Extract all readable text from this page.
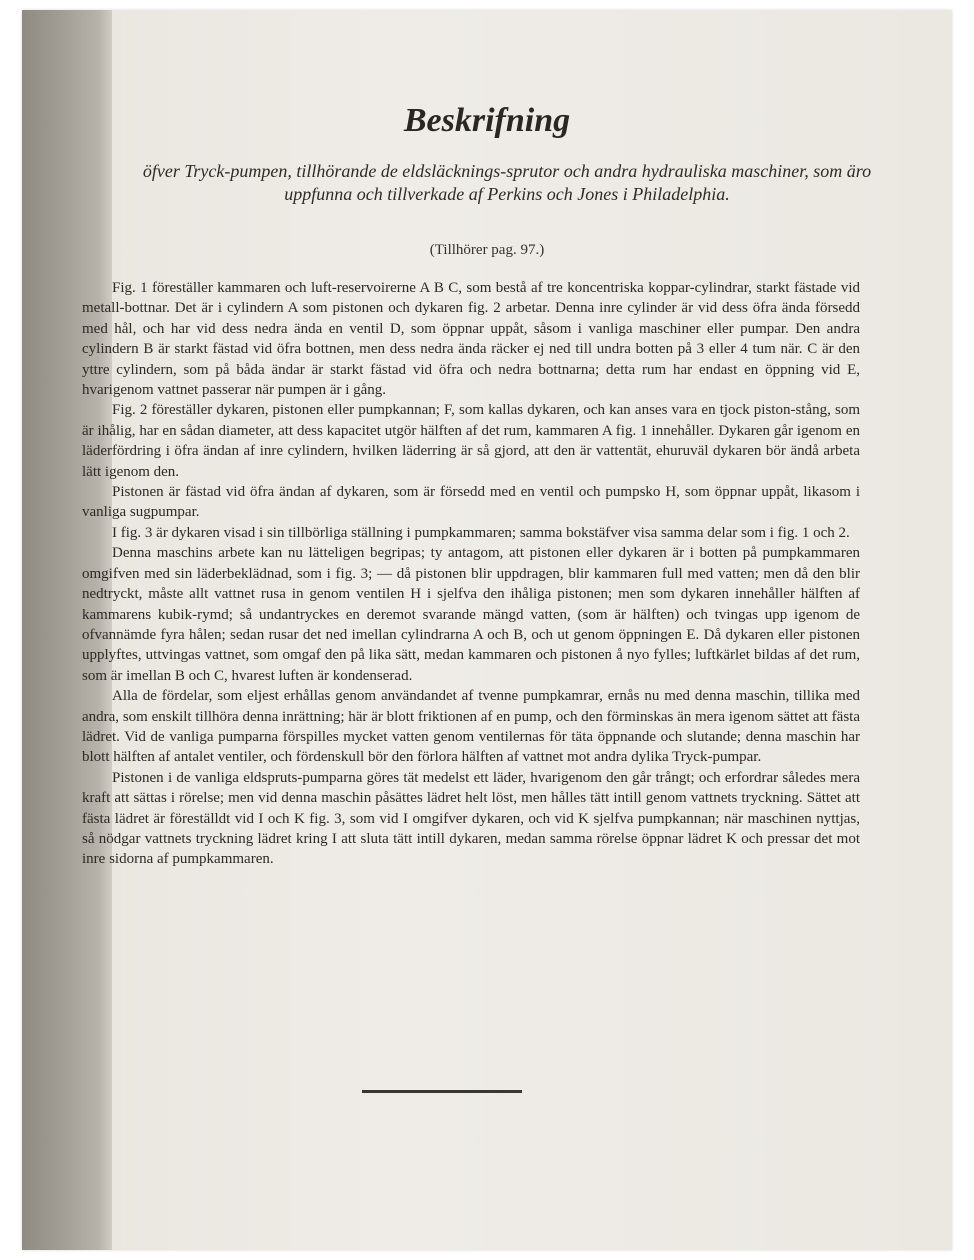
Beskrifning

öfver Tryck-pumpen, tillhörande de eldsläcknings-sprutor och andra hydrauliska maschiner, som äro uppfunna och tillverkade af Perkins och Jones i Philadelphia.

(Tillhörer pag. 97.)

Fig. 1 föreställer kammaren och luft-reservoirerne A B C, som bestå af tre koncentriska koppar-cylindrar, starkt fästade vid metall-bottnar. Det är i cylindern A som pistonen och dykaren fig. 2 arbetar. Denna inre cylinder är vid dess öfra ända försedd med hål, och har vid dess nedra ända en ventil D, som öppnar uppåt, såsom i vanliga maschiner eller pumpar. Den andra cylindern B är starkt fästad vid öfra bottnen, men dess nedra ända räcker ej ned till undra botten på 3 eller 4 tum när. C är den yttre cylindern, som på båda ändar är starkt fästad vid öfra och nedra bottnarna; detta rum har endast en öppning vid E, hvarigenom vattnet passerar när pumpen är i gång.

Fig. 2 föreställer dykaren, pistonen eller pumpkannan; F, som kallas dykaren, och kan anses vara en tjock piston-stång, som är ihålig, har en sådan diameter, att dess kapacitet utgör hälften af det rum, kammaren A fig. 1 innehåller. Dykaren går igenom en läderfördring i öfra ändan af inre cylindern, hvilken läderring är så gjord, att den är vattentät, ehuruväl dykaren bör ändå arbeta lätt igenom den.

Pistonen är fästad vid öfra ändan af dykaren, som är försedd med en ventil och pumpsko H, som öppnar uppåt, likasom i vanliga sugpumpar.

I fig. 3 är dykaren visad i sin tillbörliga ställning i pumpkammaren; samma bokstäfver visa samma delar som i fig. 1 och 2.

Denna maschins arbete kan nu lätteligen begripas; ty antagom, att pistonen eller dykaren är i botten på pumpkammaren omgifven med sin läderbeklädnad, som i fig. 3; — då pistonen blir uppdragen, blir kammaren full med vatten; men då den blir nedtryckt, måste allt vattnet rusa in genom ventilen H i sjelfva den ihåliga pistonen; men som dykaren innehåller hälften af kammarens kubik-rymd; så undantryckes en deremot svarande mängd vatten, (som är hälften) och tvingas upp igenom de ofvannämde fyra hålen; sedan rusar det ned imellan cylindrarna A och B, och ut genom öppningen E. Då dykaren eller pistonen upplyftes, uttvingas vattnet, som omgaf den på lika sätt, medan kammaren och pistonen å nyo fylles; luftkärlet bildas af det rum, som är imellan B och C, hvarest luften är kondenserad.

Alla de fördelar, som eljest erhållas genom användandet af tvenne pumpkamrar, ernås nu med denna maschin, tillika med andra, som enskilt tillhöra denna inrättning; här är blott friktionen af en pump, och den förminskas än mera igenom sättet att fästa lädret. Vid de vanliga pumparna förspilles mycket vatten genom ventilernas för täta öppnande och slutande; denna maschin har blott hälften af antalet ventiler, och fördenskull bör den förlora hälften af vattnet mot andra dylika Tryck-pumpar.

Pistonen i de vanliga eldspruts-pumparna göres tät medelst ett läder, hvarigenom den går trångt; och erfordrar således mera kraft att sättas i rörelse; men vid denna maschin påsättes lädret helt löst, men hålles tätt intill genom vattnets tryckning. Sättet att fästa lädret är föreställdt vid I och K fig. 3, som vid I omgifver dykaren, och vid K sjelfva pumpkannan; när maschinen nyttjas, så nödgar vattnets tryckning lädret kring I att sluta tätt intill dykaren, medan samma rörelse öppnar lädret K och pressar det mot inre sidorna af pumpkammaren.
